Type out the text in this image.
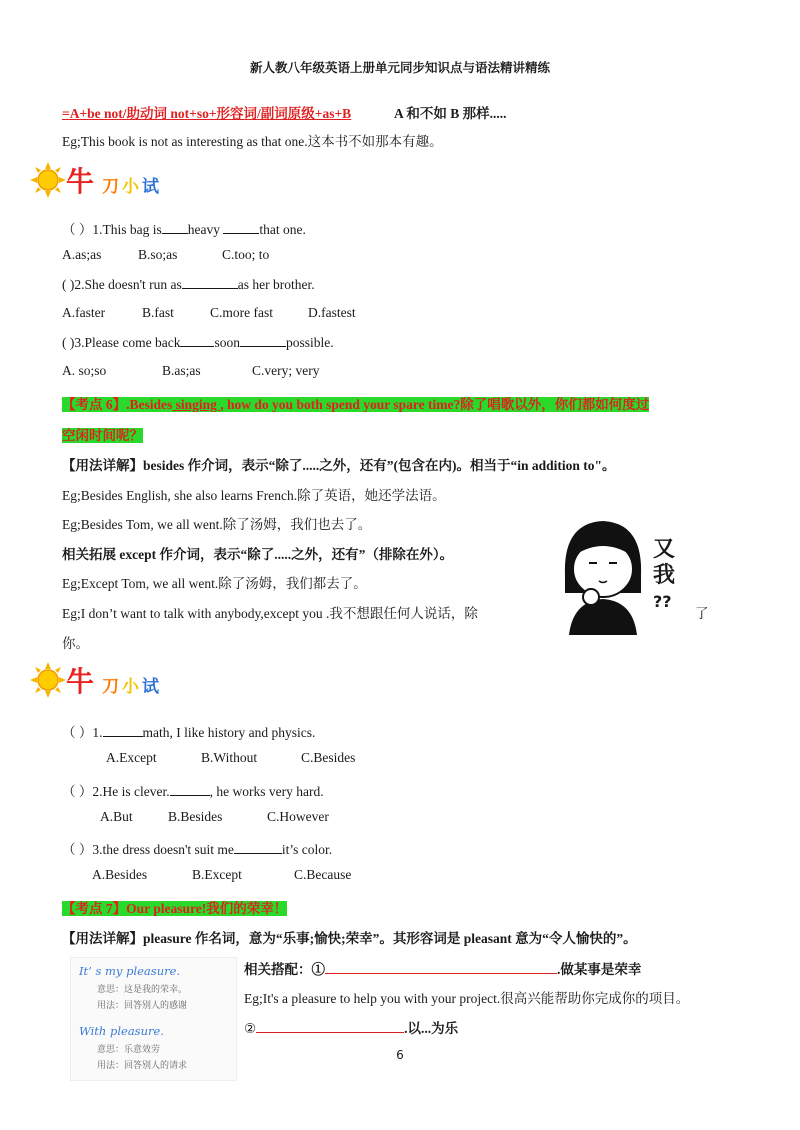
新人教八年级英语上册单元同步知识点与语法精讲精练
=A+be not/助动词 not+so+形容词/副词原级+as+B	A 和不如 B 那样.....
Eg;This book is not as interesting as that one.这本书不如那本有趣。
牛 刀 小 试
（ ）1.This bag is heavy	that one.
A.as;as	B.so;as	C.too; to
( )2.She doesn't run as	as her brother.
A.faster	B.fast	C.more fast	D.fastest
( )3.Please come back	soon	possible.
A. so;so	B.as;as	C.very; very
【考点 6】.Besides singing , how do you both spend your spare time?除了唱歌以外，你们都如何度过
空闲时间呢？
【用法详解】besides 作介词，表示“除了.....之外，还有”(包含在内)。相当于“in addition to"。
Eg;Besides English, she also learns French.除了英语，她还学法语。
Eg;Besides Tom, we all went.除了汤姆，我们也去了。
相关拓展 except 作介词，表示“除了.....之外，还有”（排除在外）。
Eg;Except Tom, we all went.除了汤姆，我们都去了。
Eg;I don’t want to talk with anybody,except you .我不想跟任何人说话，除	了
你。
又
我
??
牛 刀 小 试
（ ）1.	math, I like history and physics.
A.Except	B.Without	C.Besides
（ ）2.He is clever.	, he works very hard.
A.But	B.Besides	C.However
（ ）3.the dress doesn't suit me	it’s color.
A.Besides	B.Except	C.Because
【考点 7】Our pleasure!我们的荣幸！
【用法详解】pleasure 作名词，意为“乐事;愉快;荣幸”。其形容词是 pleasant 意为“令人愉快的”。
It’ s my pleasure.
意思：这是我的荣幸。
用法：回答别人的感谢
With pleasure.
意思：乐意效劳
用法：回答别人的请求
相关搭配：①	.做某事是荣幸
Eg;It's a pleasure to help you with your project.很高兴能帮助你完成你的项目。
②	.以...为乐
6
